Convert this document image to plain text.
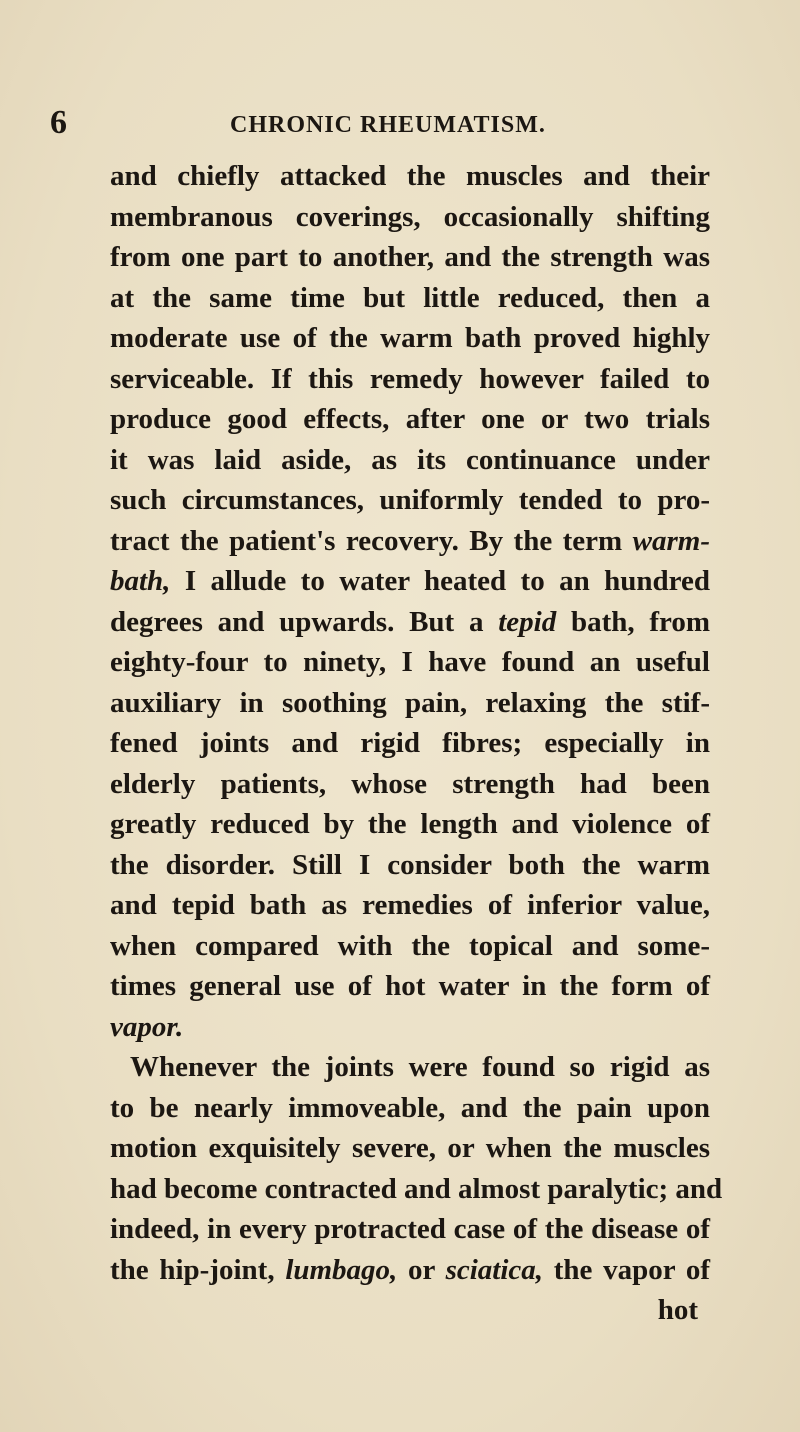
6	CHRONIC RHEUMATISM.
and chiefly attacked the muscles and their
membranous coverings, occasionally shifting
from one part to another, and the strength was
at the same time but little reduced, then a
moderate use of the warm bath proved highly
serviceable. If this remedy however failed to
produce good effects, after one or two trials
it was laid aside, as its continuance under
such circumstances, uniformly tended to pro-
tract the patient's recovery. By the term warm-
bath, I allude to water heated to an hundred
degrees and upwards. But a tepid bath, from
eighty-four to ninety, I have found an useful
auxiliary in soothing pain, relaxing the stif-
fened joints and rigid fibres; especially in
elderly patients, whose strength had been
greatly reduced by the length and violence of
the disorder. Still I consider both the warm
and tepid bath as remedies of inferior value,
when compared with the topical and some-
times general use of hot water in the form of
vapor.
Whenever the joints were found so rigid as
to be nearly immoveable, and the pain upon
motion exquisitely severe, or when the muscles
had become contracted and almost paralytic; and
indeed, in every protracted case of the disease of
the hip-joint, lumbago, or sciatica, the vapor of
hot
